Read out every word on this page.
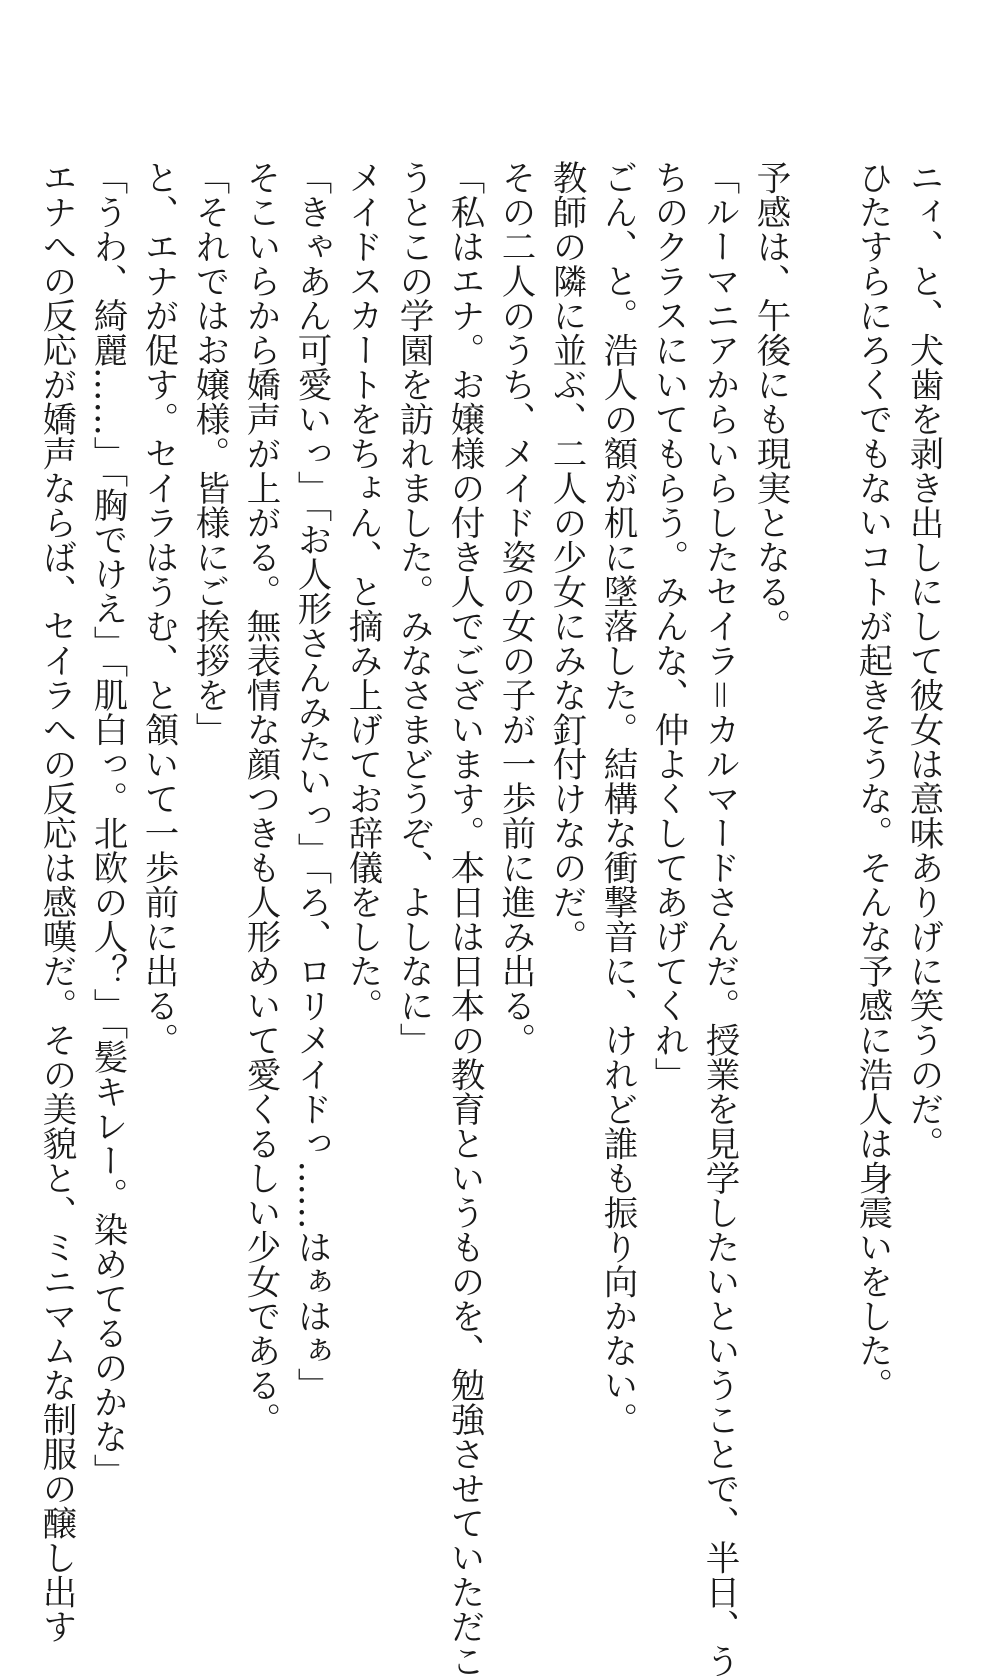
ニィ、と、犬歯を剥き出しにして彼女は意味ありげに笑うのだ。
ひたすらにろくでもないコトが起きそうな。そんな予感に浩人は身震いをした。
予感は、午後にも現実となる。
「ルーマニアからいらしたセイラ＝カルマードさんだ。授業を見学したいということで、半日、う
ちのクラスにいてもらう。みんな、仲よくしてあげてくれ」
ごん、と。浩人の額が机に墜落した。結構な衝撃音に、けれど誰も振り向かない。
教師の隣に並ぶ、二人の少女にみな釘付けなのだ。
その二人のうち、メイド姿の女の子が一歩前に進み出る。
「私はエナ。お嬢様の付き人でございます。本日は日本の教育というものを、勉強させていただこ
うとこの学園を訪れました。みなさまどうぞ、よしなに」
メイドスカートをちょん、と摘み上げてお辞儀をした。
「きゃあん可愛いっ」「お人形さんみたいっ」「ろ、ロリメイドっ……はぁはぁ」
そこいらから嬌声が上がる。無表情な顔つきも人形めいて愛くるしい少女である。
「それではお嬢様。皆様にご挨拶を」
と、エナが促す。セイラはうむ、と頷いて一歩前に出る。
「うわ、綺麗……」「胸でけえ」「肌白っ。北欧の人？」「髪キレー。染めてるのかな」
エナへの反応が嬌声ならば、セイラへの反応は感嘆だ。その美貌と、ミニマムな制服の醸し出す
